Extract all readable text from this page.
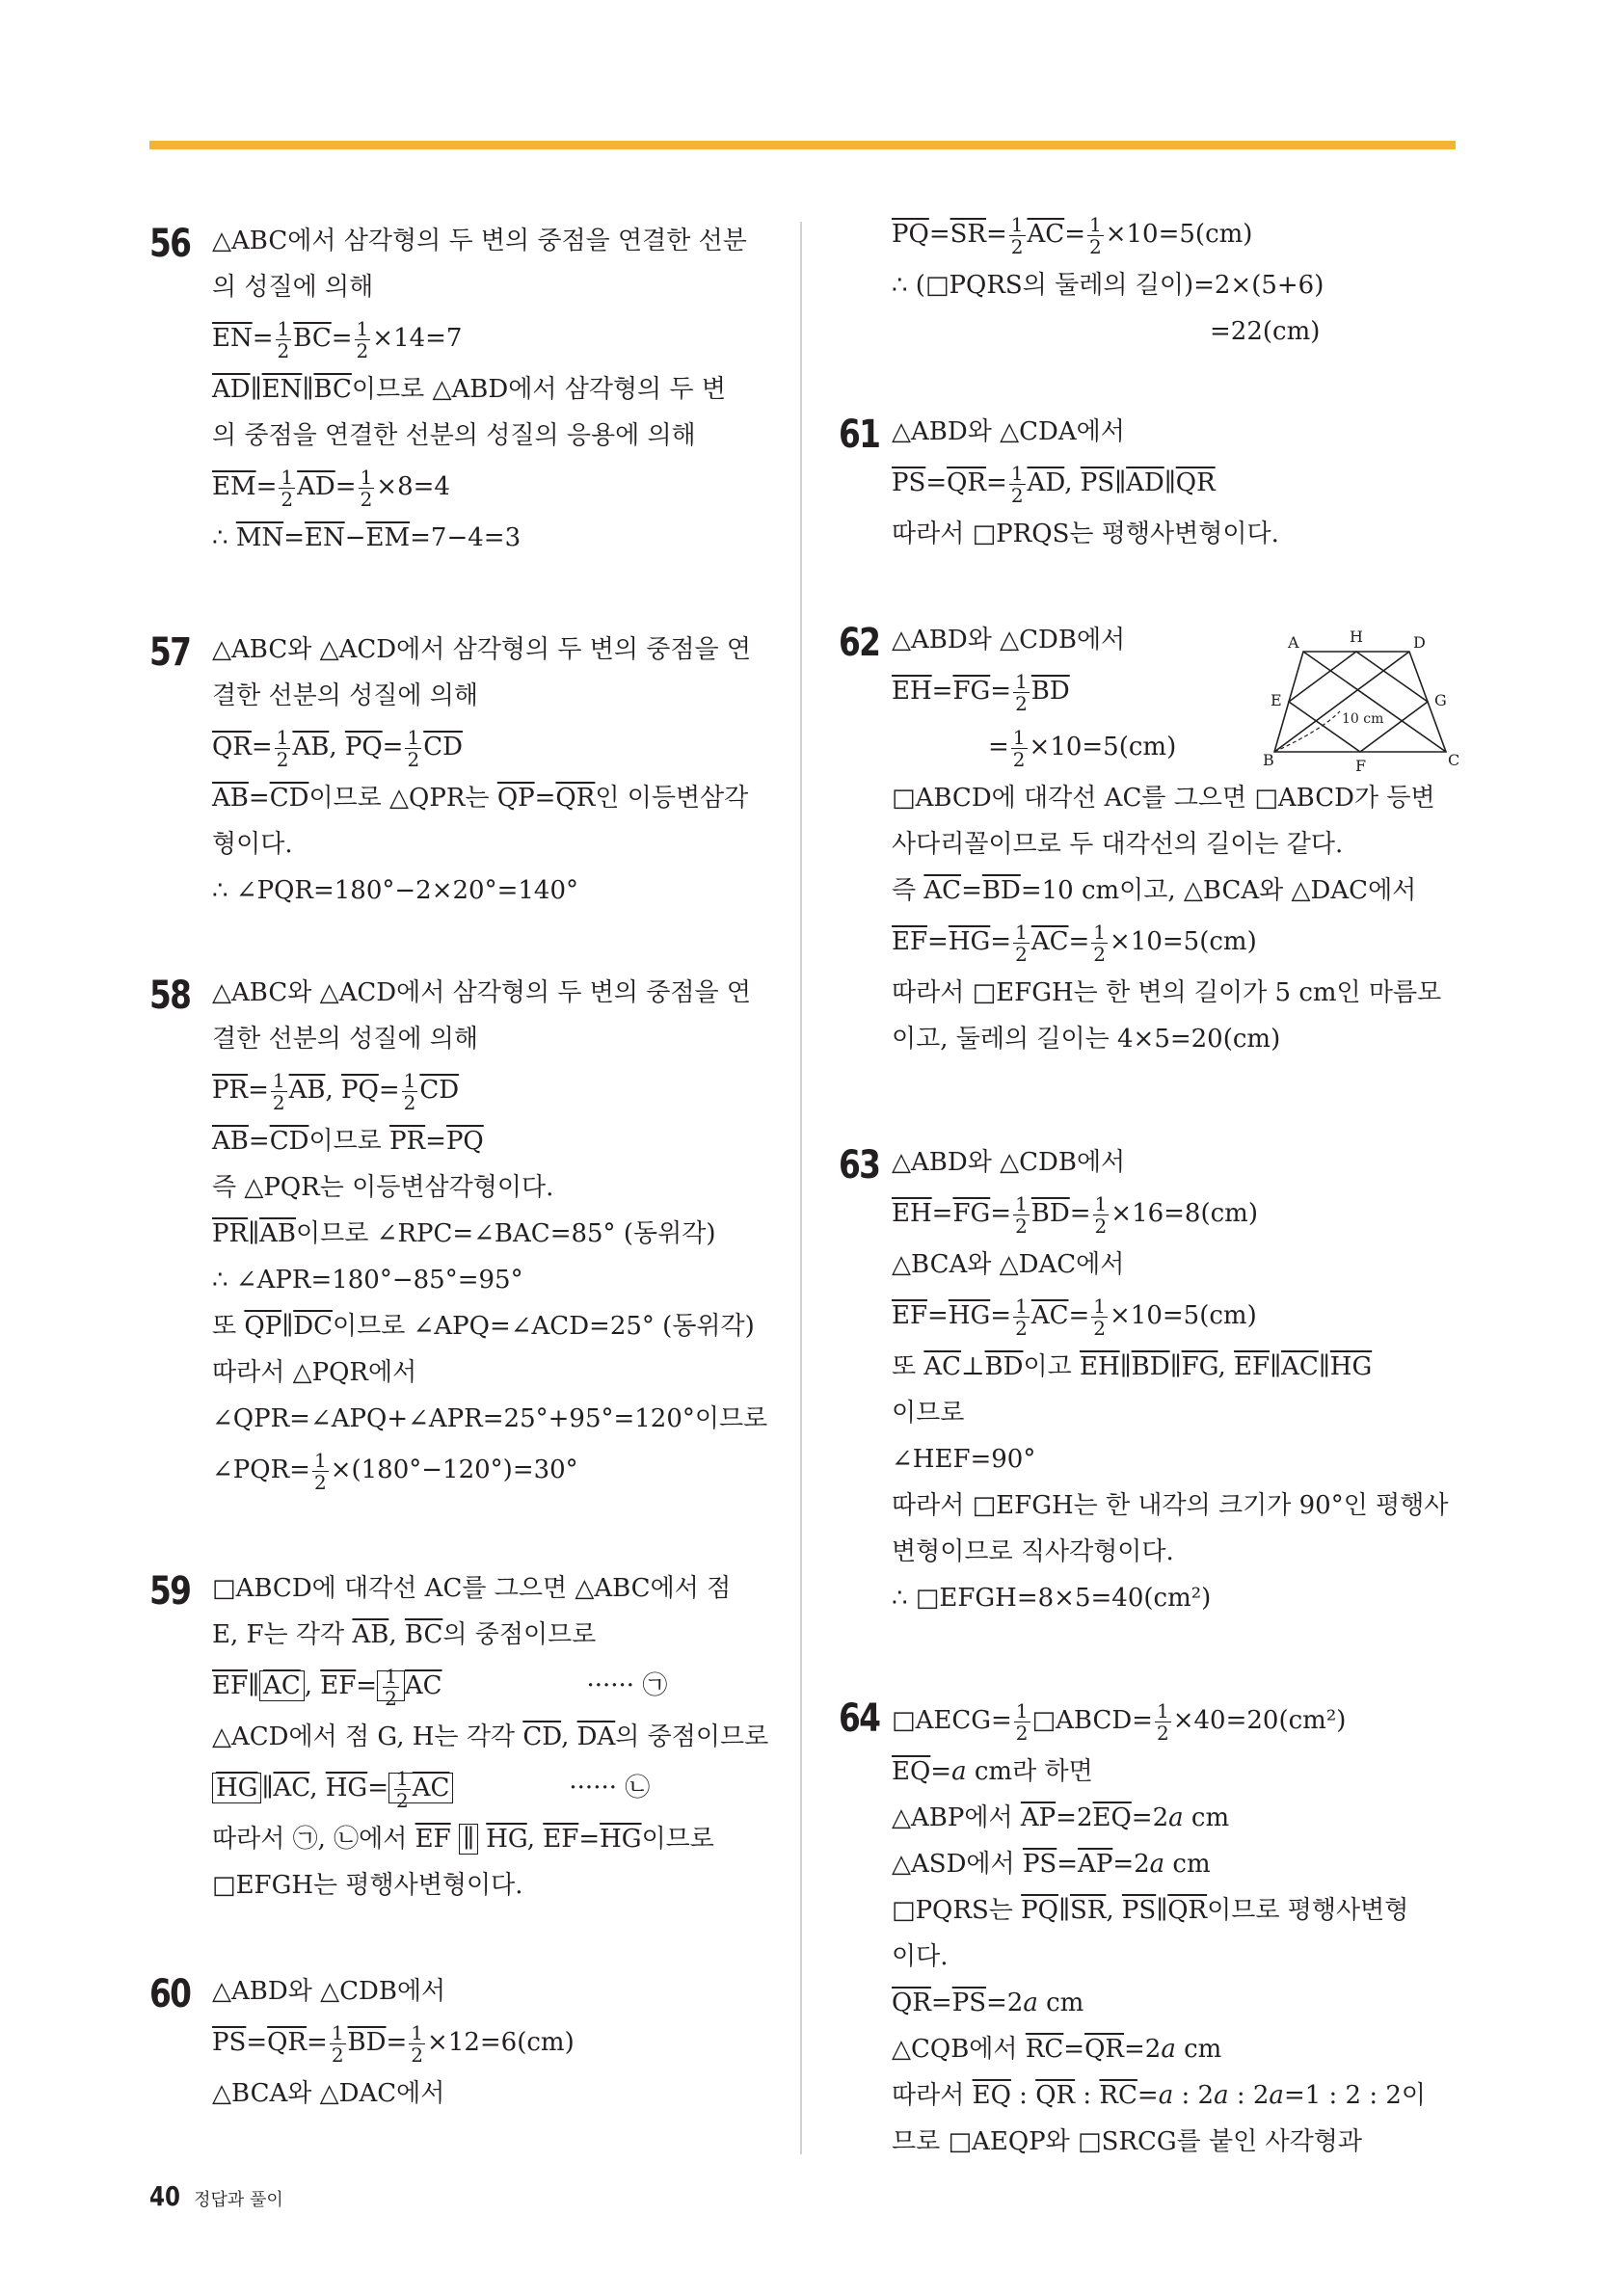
56 △ABC에서 삼각형의 두 변의 중점을 연결한 선분
의 성질에 의해
$\overline{EN}= \frac{1}{2} \overline{BC}= \frac{1}{2} \times 14=7$
$\overline{AD}\parallel\overline{EN}\parallel\overline{BC}$이므로 △ABD에서 삼각형의 두 변
의 중점을 연결한 선분의 성질의 응용에 의해
$\overline{EM}= \frac{1}{2} \overline{AD}= \frac{1}{2} \times 8=4$
∴ $\overline{MN}=\overline{EN}-\overline{EM}=7-4=3$
57 △ABC와 △ACD에서 삼각형의 두 변의 중점을 연
결한 선분의 성질에 의해
$\overline{QR}= \frac{1}{2} \overline{AB}$, $\overline{PQ}= \frac{1}{2} \overline{CD}$
$\overline{AB}=\overline{CD}$이므로 △QPR는 $\overline{QP}=\overline{QR}$인 이등변삼각
형이다.
∴ ∠PQR=180°−2×20°=140°
58 △ABC와 △ACD에서 삼각형의 두 변의 중점을 연
결한 선분의 성질에 의해
$\overline{PR}= \frac{1}{2} \overline{AB}$, $\overline{PQ}= \frac{1}{2} \overline{CD}$
$\overline{AB}=\overline{CD}$이므로 $\overline{PR}=\overline{PQ}$
즉 △PQR는 이등변삼각형이다.
$\overline{PR}\parallel\overline{AB}$이므로 ∠RPC=∠BAC=85° (동위각)
∴ ∠APR=180°−85°=95°
또 $\overline{QP}\parallel\overline{DC}$이므로 ∠APQ=∠ACD=25° (동위각)
따라서 △PQR에서
∠QPR=∠APQ+∠APR=25°+95°=120°이므로
∠PQR= $\frac{1}{2} \times(180^\circ-120^\circ)=30^\circ$
59 □ABCD에 대각선 AC를 그으면 △ABC에서 점
E, F는 각각 $\overline{AB}$, $\overline{BC}$의 중점이므로
$\overline{EF}\parallel$ $\overline{AC}$ , $\overline{EF}= \frac{1}{2} \overline{AC}$	······ ㉠
△ACD에서 점 G, H는 각각 $\overline{CD}$, $\overline{DA}$의 중점이므로
$\overline{HG}$ $\parallel\overline{AC}$, $\overline{HG}= \frac{1}{2} \overline{AC}$	······ ㉡
따라서 ㉠, ㉡에서 $\overline{EF}$ ∥ $\overline{HG}$, $\overline{EF}=\overline{HG}$이므로
□EFGH는 평행사변형이다.
60 △ABD와 △CDB에서
$\overline{PS}=\overline{QR}= \frac{1}{2} \overline{BD}= \frac{1}{2} \times 12=6(cm)$
△BCA와 △DAC에서
$\overline{PQ}=\overline{SR}= \frac{1}{2} \overline{AC}= \frac{1}{2} \times 10=5(cm)$
∴ (□PQRS의 둘레의 길이)=2×(5+6)
=22(cm)
61 △ABD와 △CDA에서
$\overline{PS}=\overline{QR}= \frac{1}{2} \overline{AD}$, $\overline{PS}\parallel\overline{AD}\parallel\overline{QR}$
따라서 □PRQS는 평행사변형이다.
62 △ABD와 △CDB에서
$\overline{EH}=\overline{FG}= \frac{1}{2} \overline{BD}$
= $\frac{1}{2} \times 10=5(cm)$
□ABCD에 대각선 AC를 그으면 □ABCD가 등변
사다리꼴이므로 두 대각선의 길이는 같다.
즉 $\overline{AC}=\overline{BD}=10$ cm이고, △BCA와 △DAC에서
$\overline{EF}=\overline{HG}= \frac{1}{2} \overline{AC}= \frac{1}{2} \times 10=5(cm)$
따라서 □EFGH는 한 변의 길이가 5 cm인 마름모
이고, 둘레의 길이는 4×5=20(cm)
63 △ABD와 △CDB에서
$\overline{EH}=\overline{FG}= \frac{1}{2} \overline{BD}= \frac{1}{2} \times 16=8(cm)$
△BCA와 △DAC에서
$\overline{EF}=\overline{HG}= \frac{1}{2} \overline{AC}= \frac{1}{2} \times 10=5(cm)$
또 $\overline{AC}\perp\overline{BD}$이고 $\overline{EH}\parallel\overline{BD}\parallel\overline{FG}$, $\overline{EF}\parallel\overline{AC}\parallel\overline{HG}$
이므로
∠HEF=90°
따라서 □EFGH는 한 내각의 크기가 90°인 평행사
변형이므로 직사각형이다.
∴ □EFGH=8×5=40(cm²)
64 □AECG= $\frac{1}{2}$ □ABCD= $\frac{1}{2} \times 40=20(cm^2)$
$\overline{EQ}=a$ cm라 하면
△ABP에서 $\overline{AP}=2\overline{EQ}=2a$ cm
△ASD에서 $\overline{PS}=\overline{AP}=2a$ cm
□PQRS는 $\overline{PQ}\parallel\overline{SR}$, $\overline{PS}\parallel\overline{QR}$이므로 평행사변형
이다.
$\overline{QR}=\overline{PS}=2a$ cm
△CQB에서 $\overline{RC}=\overline{QR}=2a$ cm
따라서 $\overline{EQ}$ : $\overline{QR}$ : $\overline{RC}=a$ : 2a : 2a=1 : 2 : 2이
므로 □AEQP와 □SRCG를 붙인 사각형과
A	H	D
E	G
B	F	C
10 cm
40 정답과 풀이
